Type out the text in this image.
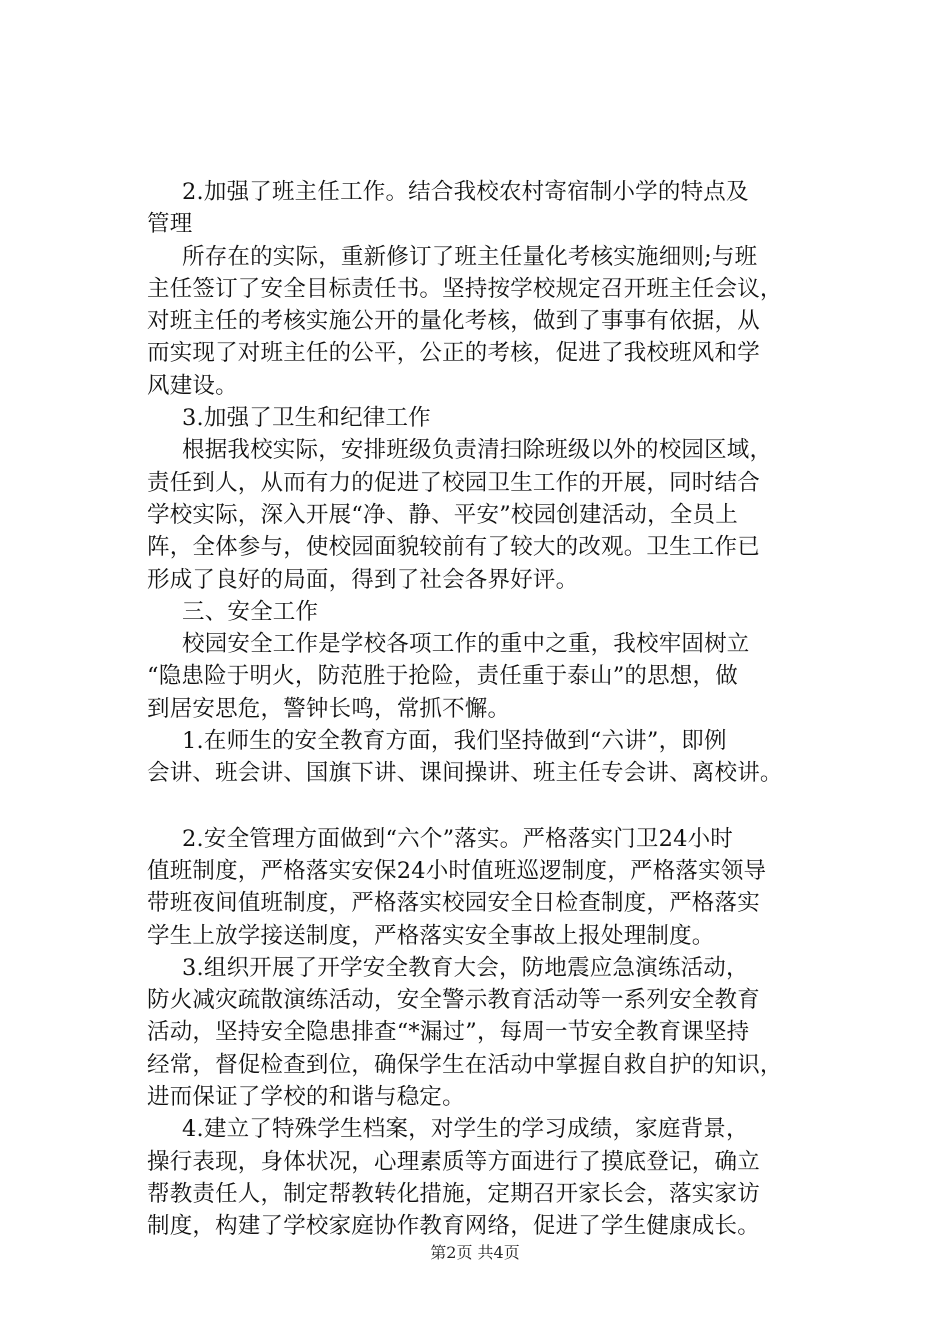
2.加强了班主任工作。结合我校农村寄宿制小学的特点及
管理
所存在的实际，重新修订了班主任量化考核实施细则;与班
主任签订了安全目标责任书。坚持按学校规定召开班主任会议，
对班主任的考核实施公开的量化考核，做到了事事有依据，从
而实现了对班主任的公平，公正的考核，促进了我校班风和学
风建设。
3.加强了卫生和纪律工作
根据我校实际，安排班级负责清扫除班级以外的校园区域，
责任到人，从而有力的促进了校园卫生工作的开展，同时结合
学校实际，深入开展“净、静、平安”校园创建活动，全员上
阵，全体参与，使校园面貌较前有了较大的改观。卫生工作已
形成了良好的局面，得到了社会各界好评。
三、安全工作
校园安全工作是学校各项工作的重中之重，我校牢固树立
“隐患险于明火，防范胜于抢险，责任重于泰山”的思想，做
到居安思危，警钟长鸣，常抓不懈。
1.在师生的安全教育方面，我们坚持做到“六讲”，即例
会讲、班会讲、国旗下讲、课间操讲、班主任专会讲、离校讲。
2.安全管理方面做到“六个”落实。严格落实门卫24小时
值班制度，严格落实安保24小时值班巡逻制度，严格落实领导
带班夜间值班制度，严格落实校园安全日检查制度，严格落实
学生上放学接送制度，严格落实安全事故上报处理制度。
3.组织开展了开学安全教育大会，防地震应急演练活动，
防火减灾疏散演练活动，安全警示教育活动等一系列安全教育
活动，坚持安全隐患排查“*漏过”，每周一节安全教育课坚持
经常，督促检查到位，确保学生在活动中掌握自救自护的知识，
进而保证了学校的和谐与稳定。
4.建立了特殊学生档案，对学生的学习成绩，家庭背景，
操行表现，身体状况，心理素质等方面进行了摸底登记，确立
帮教责任人，制定帮教转化措施，定期召开家长会，落实家访
制度，构建了学校家庭协作教育网络，促进了学生健康成长。
第2页 共4页
